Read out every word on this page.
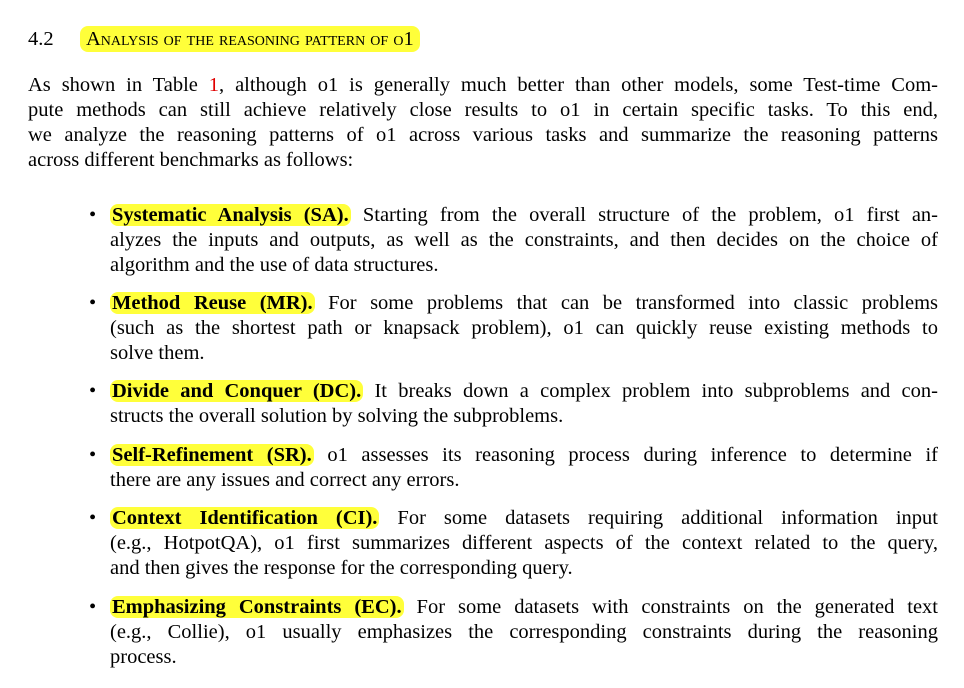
4.2 Analysis of the reasoning pattern of o1
As shown in Table 1, although o1 is generally much better than other models, some Test-time Com-
pute methods can still achieve relatively close results to o1 in certain specific tasks. To this end,
we analyze the reasoning patterns of o1 across various tasks and summarize the reasoning patterns
across different benchmarks as follows:
• Systematic Analysis (SA). Starting from the overall structure of the problem, o1 first an-
alyzes the inputs and outputs, as well as the constraints, and then decides on the choice of
algorithm and the use of data structures.
• Method Reuse (MR). For some problems that can be transformed into classic problems
(such as the shortest path or knapsack problem), o1 can quickly reuse existing methods to
solve them.
• Divide and Conquer (DC). It breaks down a complex problem into subproblems and con-
structs the overall solution by solving the subproblems.
• Self-Refinement (SR). o1 assesses its reasoning process during inference to determine if
there are any issues and correct any errors.
• Context Identification (CI). For some datasets requiring additional information input
(e.g., HotpotQA), o1 first summarizes different aspects of the context related to the query,
and then gives the response for the corresponding query.
• Emphasizing Constraints (EC). For some datasets with constraints on the generated text
(e.g., Collie), o1 usually emphasizes the corresponding constraints during the reasoning
process.
